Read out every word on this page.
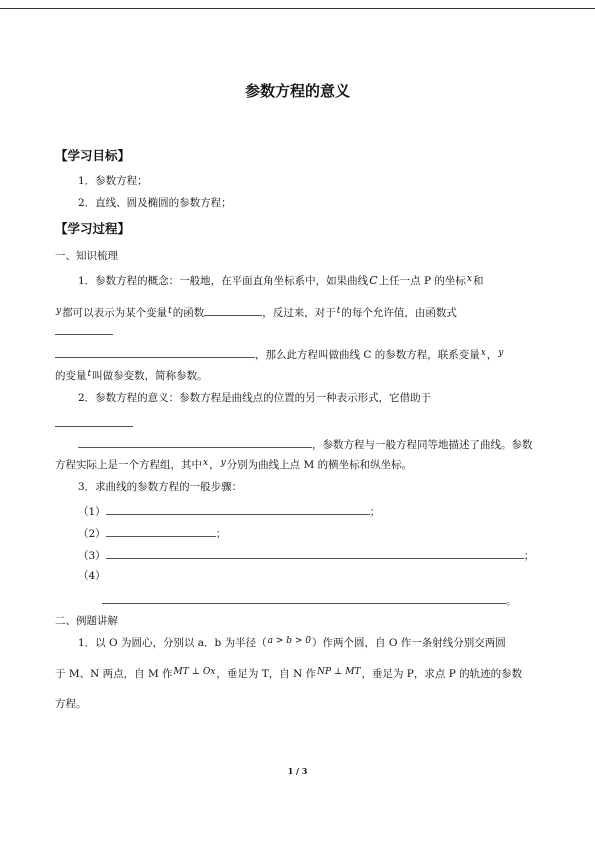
参数方程的意义
【学习目标】
1．参数方程；
2．直线、圆及椭圆的参数方程；
【学习过程】
一、知识梳理
1．参数方程的概念：一般地，在平面直角坐标系中，如果曲线C上任一点 P 的坐标x和
y都可以表示为某个变量t的函数	，反过来，对于t的每个允许值，由函数式
，那么此方程叫做曲线 C 的参数方程，联系变量x，y
的变量t叫做参变数，简称参数。
2．参数方程的意义：参数方程是曲线点的位置的另一种表示形式，它借助于
，参数方程与一般方程同等地描述了曲线。参数
方程实际上是一个方程组，其中x，y分别为曲线上点 M 的横坐标和纵坐标。
3．求曲线的参数方程的一般步骤：
（1）	；
（2）	；
（3）	；
（4）
。
二、例题讲解
1．以 O 为圆心，分别以 a．b 为半径（a > b > 0）作两个圆，自 O 作一条射线分别交两圆
于 M、N 两点，自 M 作MT ⊥ Ox，垂足为 T，自 N 作NP ⊥ MT，垂足为 P，求点 P 的轨迹的参数
方程。
1 / 3
